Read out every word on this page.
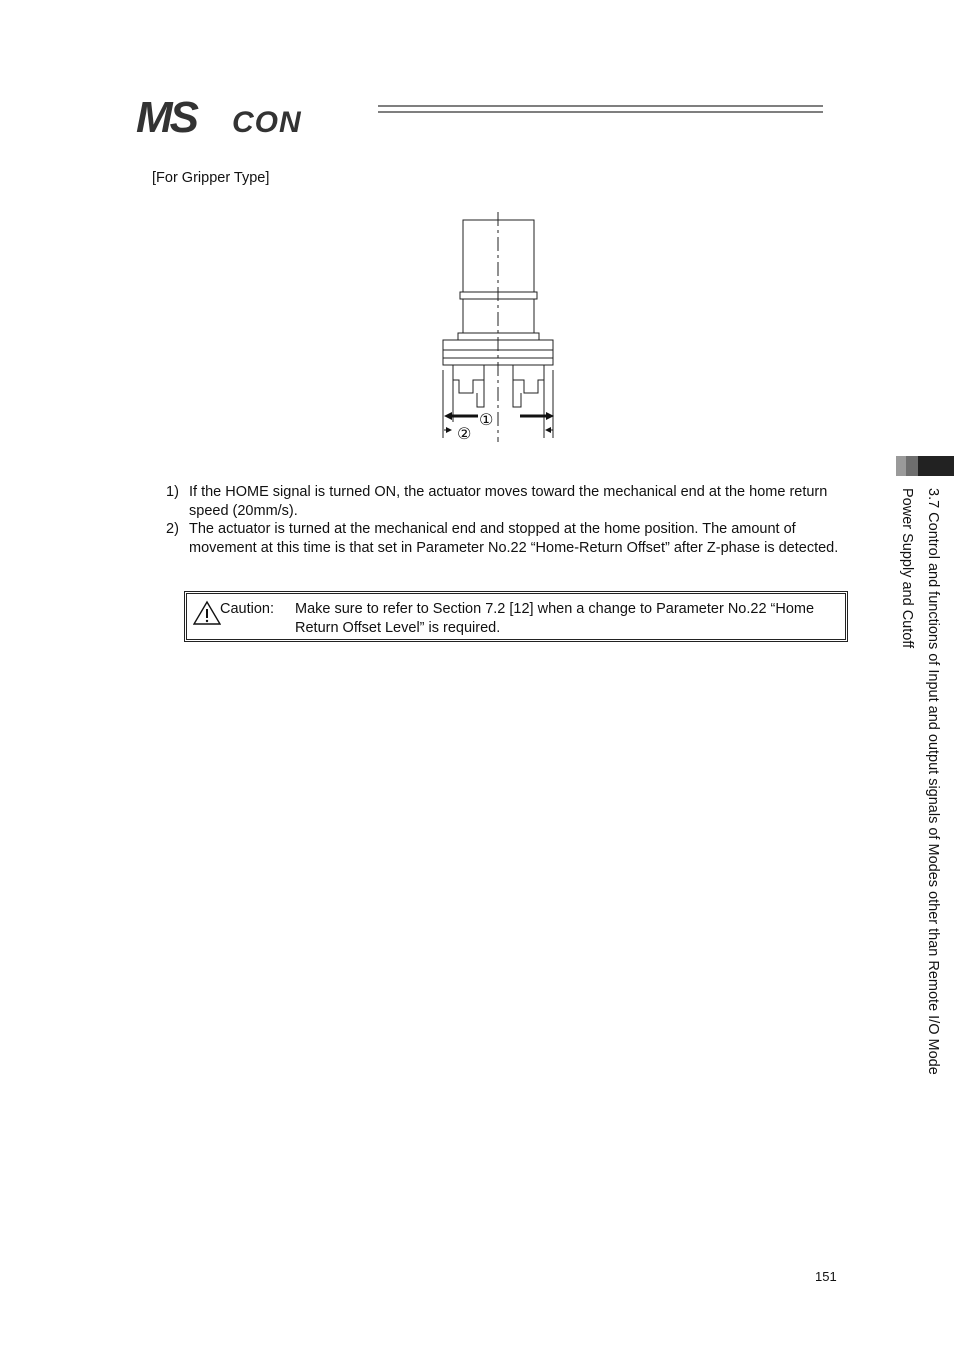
MS CON
[For Gripper Type]
①
②
1) If the HOME signal is turned ON, the actuator moves toward the mechanical end at the home return speed (20mm/s).
2) The actuator is turned at the mechanical end and stopped at the home position. The amount of movement at this time is that set in Parameter No.22 “Home-Return Offset” after Z-phase is detected.
Caution: Make sure to refer to Section 7.2 [12] when a change to Parameter No.22 “Home Return Offset Level” is required.	3.7 Control and functions of Input and output signals of Modes other than Remote I/O Mode
Power Supply and Cutoff
151
